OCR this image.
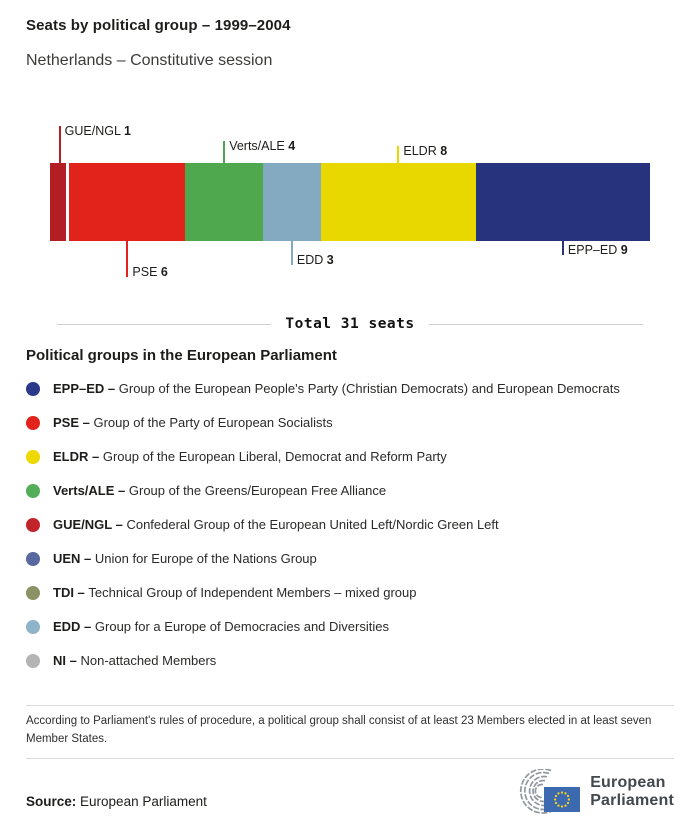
Seats by political group – 1999–2004
Netherlands – Constitutive session
GUE/NGL 1
PSE 6
Verts/ALE 4
EDD 3
ELDR 8
EPP–ED 9
Total 31 seats
Political groups in the European Parliament
EPP–ED – Group of the European People's Party (Christian Democrats) and European Democrats
PSE – Group of the Party of European Socialists
ELDR – Group of the European Liberal, Democrat and Reform Party
Verts/ALE – Group of the Greens/European Free Alliance
GUE/NGL – Confederal Group of the European United Left/Nordic Green Left
UEN – Union for Europe of the Nations Group
TDI – Technical Group of Independent Members – mixed group
EDD – Group for a Europe of Democracies and Diversities
NI – Non-attached Members
According to Parliament's rules of procedure, a political group shall consist of at least 23 Members elected in at least seven Member States.
Source: European Parliament
European
Parliament
